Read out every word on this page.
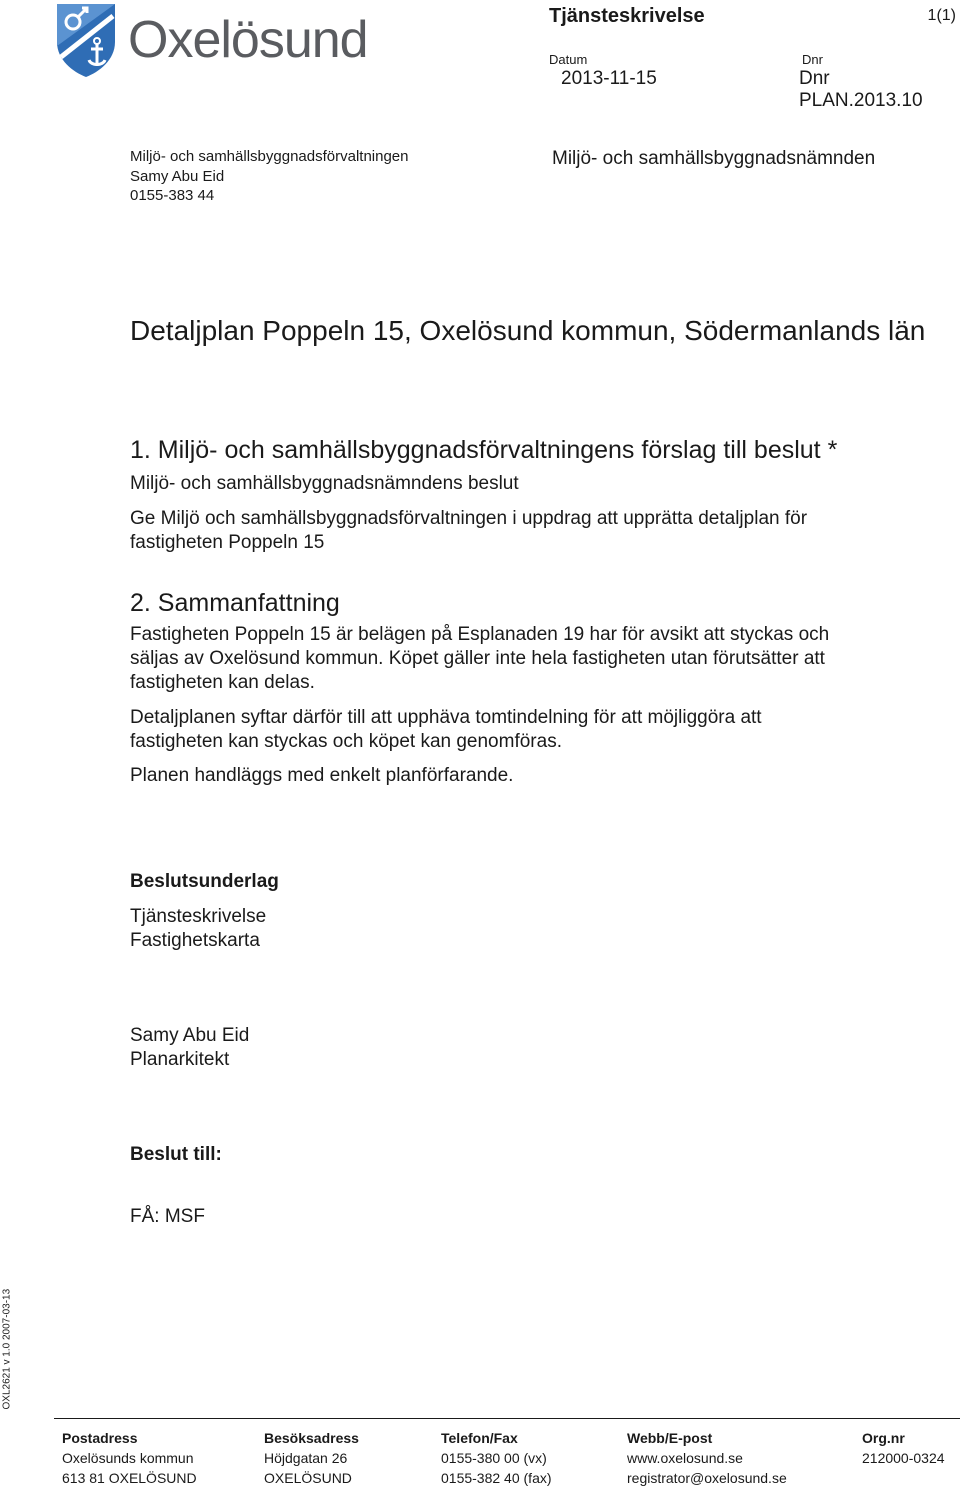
Oxelösund	Tjänsteskrivelse	1(1)
Datum
2013-11-15
Dnr
Dnr
PLAN.2013.10
Miljö- och samhällsbyggnadsförvaltningen
Samy Abu Eid
0155-383 44
Miljö- och samhällsbyggnadsnämnden
Detaljplan Poppeln 15, Oxelösund kommun, Södermanlands län
1. Miljö- och samhällsbyggnadsförvaltningens förslag till beslut *
Miljö- och samhällsbyggnadsnämndens beslut
Ge Miljö och samhällsbyggnadsförvaltningen i uppdrag att upprätta detaljplan för fastigheten Poppeln 15
2. Sammanfattning
Fastigheten Poppeln 15 är belägen på Esplanaden 19 har för avsikt att styckas och säljas av Oxelösund kommun. Köpet gäller inte hela fastigheten utan förutsätter att fastigheten kan delas.
Detaljplanen syftar därför till att upphäva tomtindelning för att möjliggöra att fastigheten kan styckas och köpet kan genomföras.
Planen handläggs med enkelt planförfarande.
Beslutsunderlag
Tjänsteskrivelse
Fastighetskarta
Samy Abu Eid
Planarkitekt
Beslut till:
FÅ: MSF
OXL2621 v 1.0 2007-03-13
Postadress
Oxelösunds kommun
613 81 OXELÖSUND
Besöksadress
Höjdgatan 26
OXELÖSUND
Telefon/Fax
0155-380 00 (vx)
0155-382 40 (fax)
Webb/E-post
www.oxelosund.se
registrator@oxelosund.se
Org.nr
212000-0324
